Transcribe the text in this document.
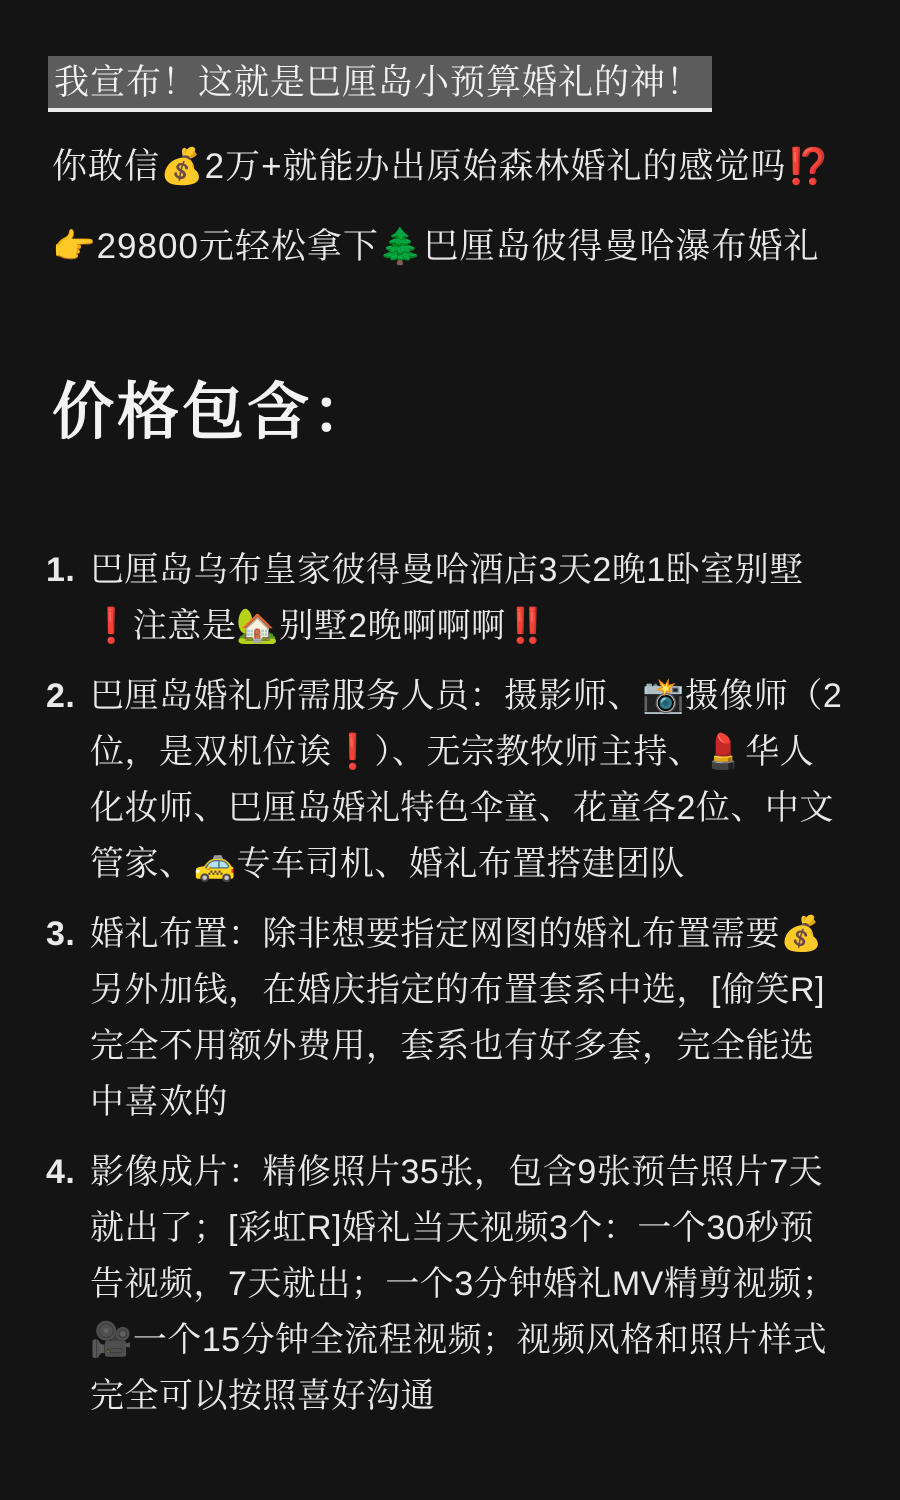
我宣布！这就是巴厘岛小预算婚礼的神！

你敢信💰2万+就能办出原始森林婚礼的感觉吗⁉

👉29800元轻松拿下🌲巴厘岛彼得曼哈瀑布婚礼

价格包含：
1. 巴厘岛乌布皇家彼得曼哈酒店3天2晚1卧室别墅❗注意是🏡别墅2晚啊啊啊‼
2. 巴厘岛婚礼所需服务人员：摄影师、📸摄像师（2位，是双机位诶❗）、无宗教牧师主持、💄华人化妆师、巴厘岛婚礼特色伞童、花童各2位、中文管家、🚕专车司机、婚礼布置搭建团队
3. 婚礼布置：除非想要指定网图的婚礼布置需要💰另外加钱，在婚庆指定的布置套系中选，[偷笑R]完全不用额外费用，套系也有好多套，完全能选中喜欢的
4. 影像成片：精修照片35张，包含9张预告照片7天就出了；[彩虹R]婚礼当天视频3个：一个30秒预告视频，7天就出；一个3分钟婚礼MV精剪视频；🎥一个15分钟全流程视频；视频风格和照片样式完全可以按照喜好沟通
